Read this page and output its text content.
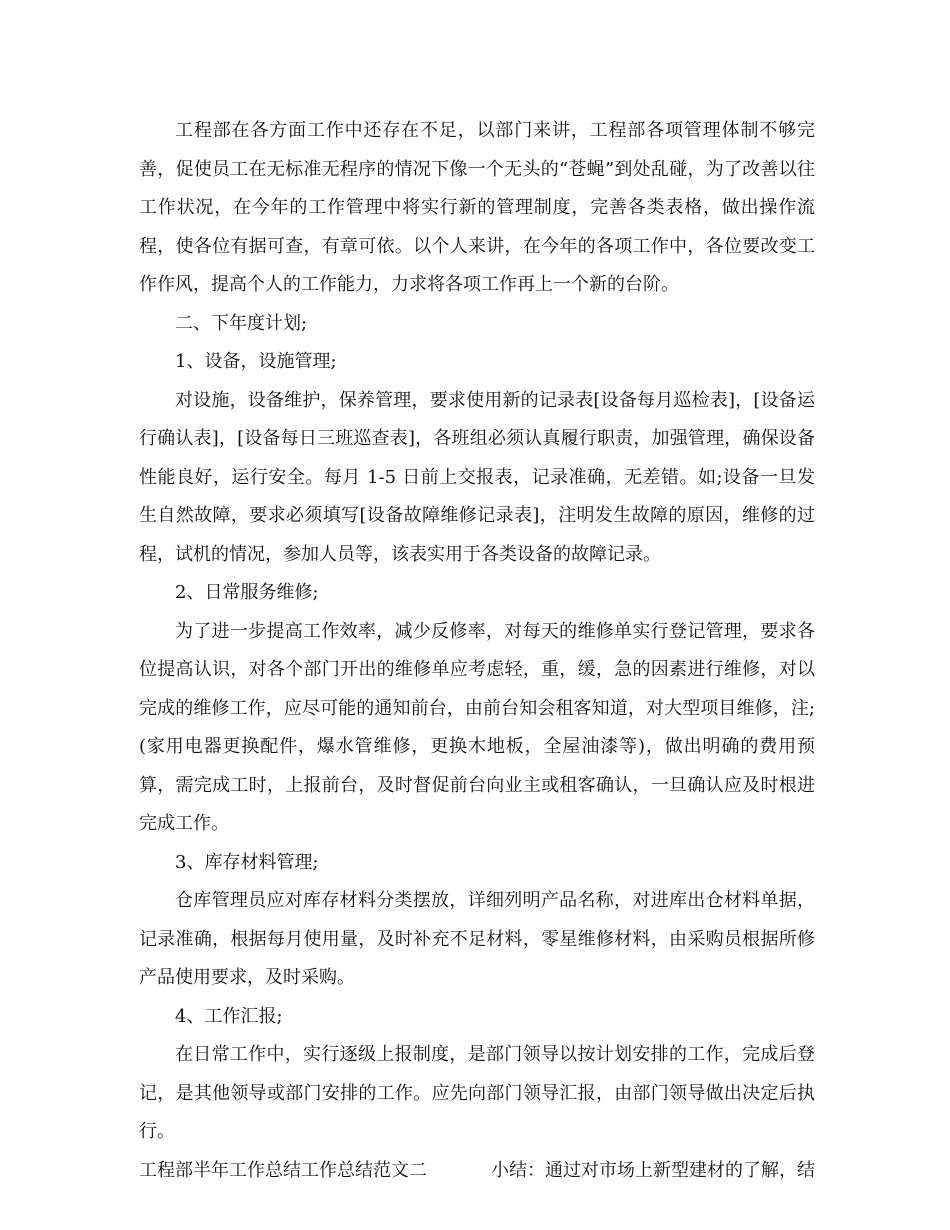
工程部在各方面工作中还存在不足，以部门来讲，工程部各项管理体制不够完善，促使员工在无标准无程序的情况下像一个无头的“苍蝇”到处乱碰，为了改善以往工作状况，在今年的工作管理中将实行新的管理制度，完善各类表格，做出操作流程，使各位有据可查，有章可依。以个人来讲，在今年的各项工作中，各位要改变工作作风，提高个人的工作能力，力求将各项工作再上一个新的台阶。

二、下年度计划;

1、设备，设施管理;

对设施，设备维护，保养管理，要求使用新的记录表[设备每月巡检表]，[设备运行确认表]，[设备每日三班巡查表]，各班组必须认真履行职责，加强管理，确保设备性能良好，运行安全。每月 1-5 日前上交报表，记录准确，无差错。如;设备一旦发生自然故障，要求必须填写[设备故障维修记录表]，注明发生故障的原因，维修的过程，试机的情况，参加人员等，该表实用于各类设备的故障记录。

2、日常服务维修;

为了进一步提高工作效率，减少反修率，对每天的维修单实行登记管理，要求各位提高认识，对各个部门开出的维修单应考虑轻，重，缓，急的因素进行维修，对以完成的维修工作，应尽可能的通知前台，由前台知会租客知道，对大型项目维修，注;(家用电器更换配件，爆水管维修，更换木地板，全屋油漆等)，做出明确的费用预算，需完成工时，上报前台，及时督促前台向业主或租客确认，一旦确认应及时根进完成工作。

3、库存材料管理;

仓库管理员应对库存材料分类摆放，详细列明产品名称，对进库出仓材料单据，记录准确，根据每月使用量，及时补充不足材料，零星维修材料，由采购员根据所修产品使用要求，及时采购。

4、工作汇报;

在日常工作中，实行逐级上报制度，是部门领导以按计划安排的工作，完成后登记，是其他领导或部门安排的工作。应先向部门领导汇报，由部门领导做出决定后执行。

工程部半年工作总结工作总结范文二	小结：通过对市场上新型建材的了解，结
